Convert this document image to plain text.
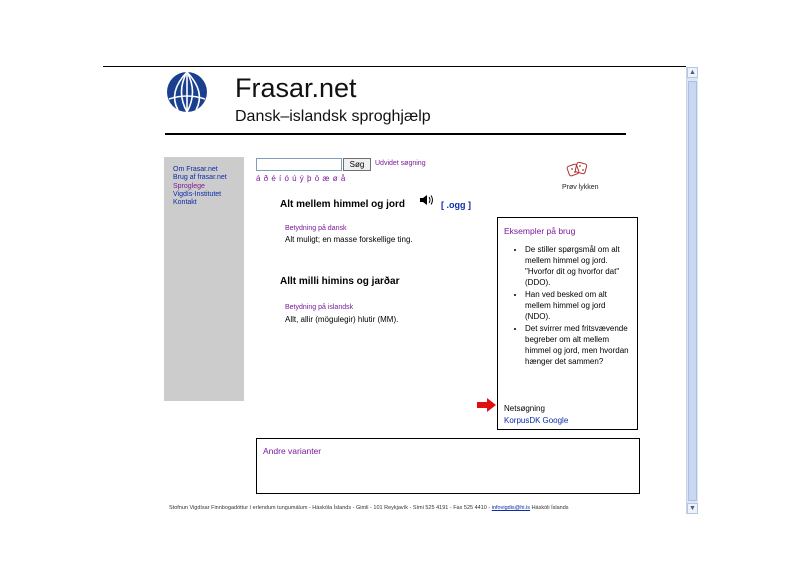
▲
▼
Frasar.net
Dansk–islandsk sproghjælp
Om Frasar.net
Brug af frasar.net
Sproglege
Vigdís-Institutet
Kontakt
Søg	Udvidet søgning
á ð é í ó ú ý þ ö æ ø å
Prøv lykken
Alt mellem himmel og jord	[ .ogg ]
Betydning på dansk
Alt muligt; en masse forskellige ting.
Allt milli himins og jarðar
Betydning på islandsk
Allt, allir (mögulegir) hlutir (MM).
Eksempler på brug
• De stiller spørgsmål om alt mellem himmel og jord. "Hvorfor dit og hvorfor dat" (DDO).
• Han ved besked om alt mellem himmel og jord (NDO).
• Det svirrer med fritsvævende begreber om alt mellem himmel og jord, men hvordan hænger det sammen?
Netsøgning
KorpusDK Google
Andre varianter
Stofnun Vigdísar Finnbogadóttur í erlendum tungumálum - Háskóla Íslands - Gimli - 101 Reykjavík - Sími 525 4191 - Fax 525 4410 - infovigdis@hi.is Háskóli Íslands
